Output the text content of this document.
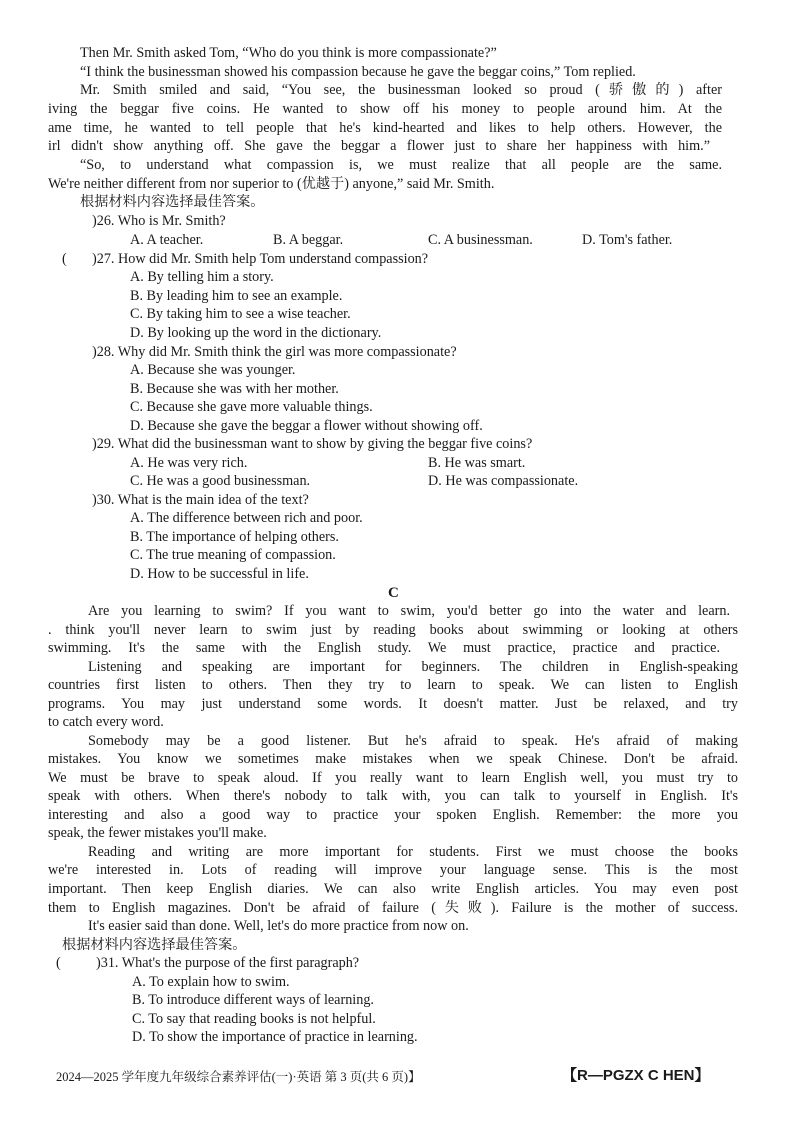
Then Mr. Smith asked Tom, “Who do you think is more compassionate?”
“I think the businessman showed his compassion because he gave the beggar coins,” Tom replied.
Mr. Smith smiled and said, “You see, the businessman looked so proud (骄傲的) after
iving the beggar five coins. He wanted to show off his money to people around him. At the
ame time, he wanted to tell people that he's kind-hearted and likes to help others. However, the
irl didn't show anything off. She gave the beggar a flower just to share her happiness with him.”
“So, to understand what compassion is, we must realize that all people are the same.
We're neither different from nor superior to (优越于) anyone,” said Mr. Smith.
根据材料内容选择最佳答案。
)26. Who is Mr. Smith?
A. A teacher.	B. A beggar.	C. A businessman.	D. Tom's father.
( )27. How did Mr. Smith help Tom understand compassion?
A. By telling him a story.
B. By leading him to see an example.
C. By taking him to see a wise teacher.
D. By looking up the word in the dictionary.
)28. Why did Mr. Smith think the girl was more compassionate?
A. Because she was younger.
B. Because she was with her mother.
C. Because she gave more valuable things.
D. Because she gave the beggar a flower without showing off.
)29. What did the businessman want to show by giving the beggar five coins?
A. He was very rich.	B. He was smart.
C. He was a good businessman.	D. He was compassionate.
)30. What is the main idea of the text?
A. The difference between rich and poor.
B. The importance of helping others.
C. The true meaning of compassion.
D. How to be successful in life.
C
Are you learning to swim? If you want to swim, you'd better go into the water and learn.
. think you'll never learn to swim just by reading books about swimming or looking at others
swimming. It's the same with the English study. We must practice, practice and practice.
Listening and speaking are important for beginners. The children in English-speaking
countries first listen to others. Then they try to learn to speak. We can listen to English
programs. You may just understand some words. It doesn't matter. Just be relaxed, and try
to catch every word.
Somebody may be a good listener. But he's afraid to speak. He's afraid of making
mistakes. You know we sometimes make mistakes when we speak Chinese. Don't be afraid.
We must be brave to speak aloud. If you really want to learn English well, you must try to
speak with others. When there's nobody to talk with, you can talk to yourself in English. It's
interesting and also a good way to practice your spoken English. Remember: the more you
speak, the fewer mistakes you'll make.
Reading and writing are more important for students. First we must choose the books
we're interested in. Lots of reading will improve your language sense. This is the most
important. Then keep English diaries. We can also write English articles. You may even post
them to English magazines. Don't be afraid of failure (失败). Failure is the mother of success.
It's easier said than done. Well, let's do more practice from now on.
根据材料内容选择最佳答案。
( )31. What's the purpose of the first paragraph?
A. To explain how to swim.
B. To introduce different ways of learning.
C. To say that reading books is not helpful.
D. To show the importance of practice in learning.
2024—2025 学年度九年级综合素养评估(一)·英语 第 3 页(共 6 页)】	【R—PGZX C HEN】
